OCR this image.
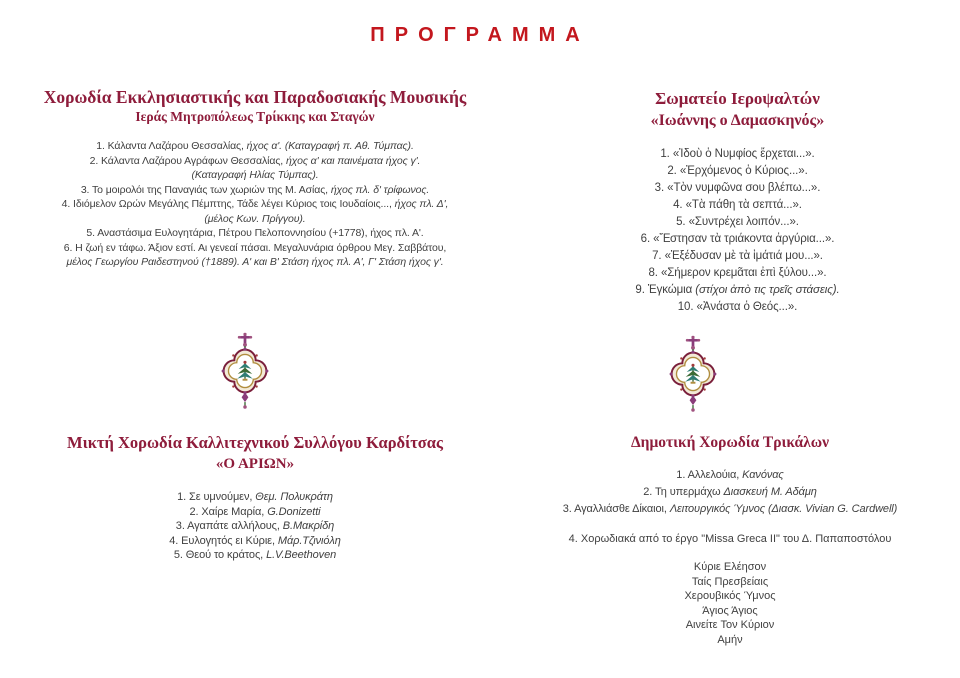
ΠΡΟΓΡΑΜΜΑ
Χορωδία Εκκλησιαστικής και Παραδοσιακής Μουσικής
Ιεράς Μητροπόλεως Τρίκκης και Σταγών
1. Κάλαντα Λαζάρου Θεσσαλίας, ήχος α'. (Καταγραφή π. Αθ. Τύμπας).
2. Κάλαντα Λαζάρου Αγράφων Θεσσαλίας, ήχος α' και παινέματα ήχος γ'.
(Καταγραφή Ηλίας Τύμπας).
3. Το μοιρολόι της Παναγιάς των χωριών της Μ. Ασίας, ήχος πλ. δ' τρίφωνος.
4. Ιδιόμελον Ωρών Μεγάλης Πέμπτης, Τάδε λέγει Κύριος τοις Ιουδαίοις..., ήχος πλ. Δ',
(μέλος Κων. Πρίγγου).
5. Αναστάσιμα Ευλογητάρια, Πέτρου Πελοποννησίου (+1778), ήχος πλ. Α'.
6. Η ζωή εν τάφω. Άξιον εστί. Αι γενεαί πάσαι. Μεγαλυνάρια όρθρου Μεγ. Σαββάτου,
μέλος Γεωργίου Ραιδεστηνού (†1889). Α' και Β' Στάση ήχος πλ. Α', Γ' Στάση ήχος γ'.
Σωματείο Ιεροψαλτών
«Ιωάννης ο Δαμασκηνός»
1. «Ἰδοὺ ὁ Νυμφίος ἔρχεται...».
2. «Ἐρχόμενος ὁ Κύριος...».
3. «Τὸν νυμφῶνα σου βλέπω...».
4. «Τὰ πάθη τὰ σεπτά...».
5. «Συντρέχει λοιπόν...».
6. «Ἔστησαν τὰ τριάκοντα ἀργύρια...».
7. «Ἐξέδυσαν μὲ τὰ ἱμάτιά μου...».
8. «Σήμερον κρεμᾶται ἐπὶ ξύλου...».
9. Ἐγκώμια (στίχοι ἀπὸ τις τρεῖς στάσεις).
10. «Ἀνάστα ὁ Θεός...».
Μικτή Χορωδία Καλλιτεχνικού Συλλόγου Καρδίτσας
«Ο ΑΡΙΩΝ»
1. Σε υμνούμεν, Θεμ. Πολυκράτη
2. Χαίρε Μαρία, G.Donizetti
3. Αγαπάτε αλλήλους, Β.Μακρίδη
4. Ευλογητός ει Κύριε, Μάρ.Τζινιόλη
5. Θεού το κράτος, L.V.Beethoven
Δημοτική Χορωδία Τρικάλων
1. Αλλελούια, Κανόνας
2. Τη υπερμάχω Διασκευή Μ. Αδάμη
3. Αγαλλιάσθε Δίκαιοι, Λειτουργικός Ύμνος (Διασκ. Vivian G. Cardwell)
4. Χορωδιακά από το έργο "Missa Greca II" του Δ. Παπαποστόλου
Κύριε Ελέησον
Ταίς Πρεσβείαις
Χερουβικός Ύμνος
Άγιος Άγιος
Αινείτε Τον Κύριον
Αμήν
